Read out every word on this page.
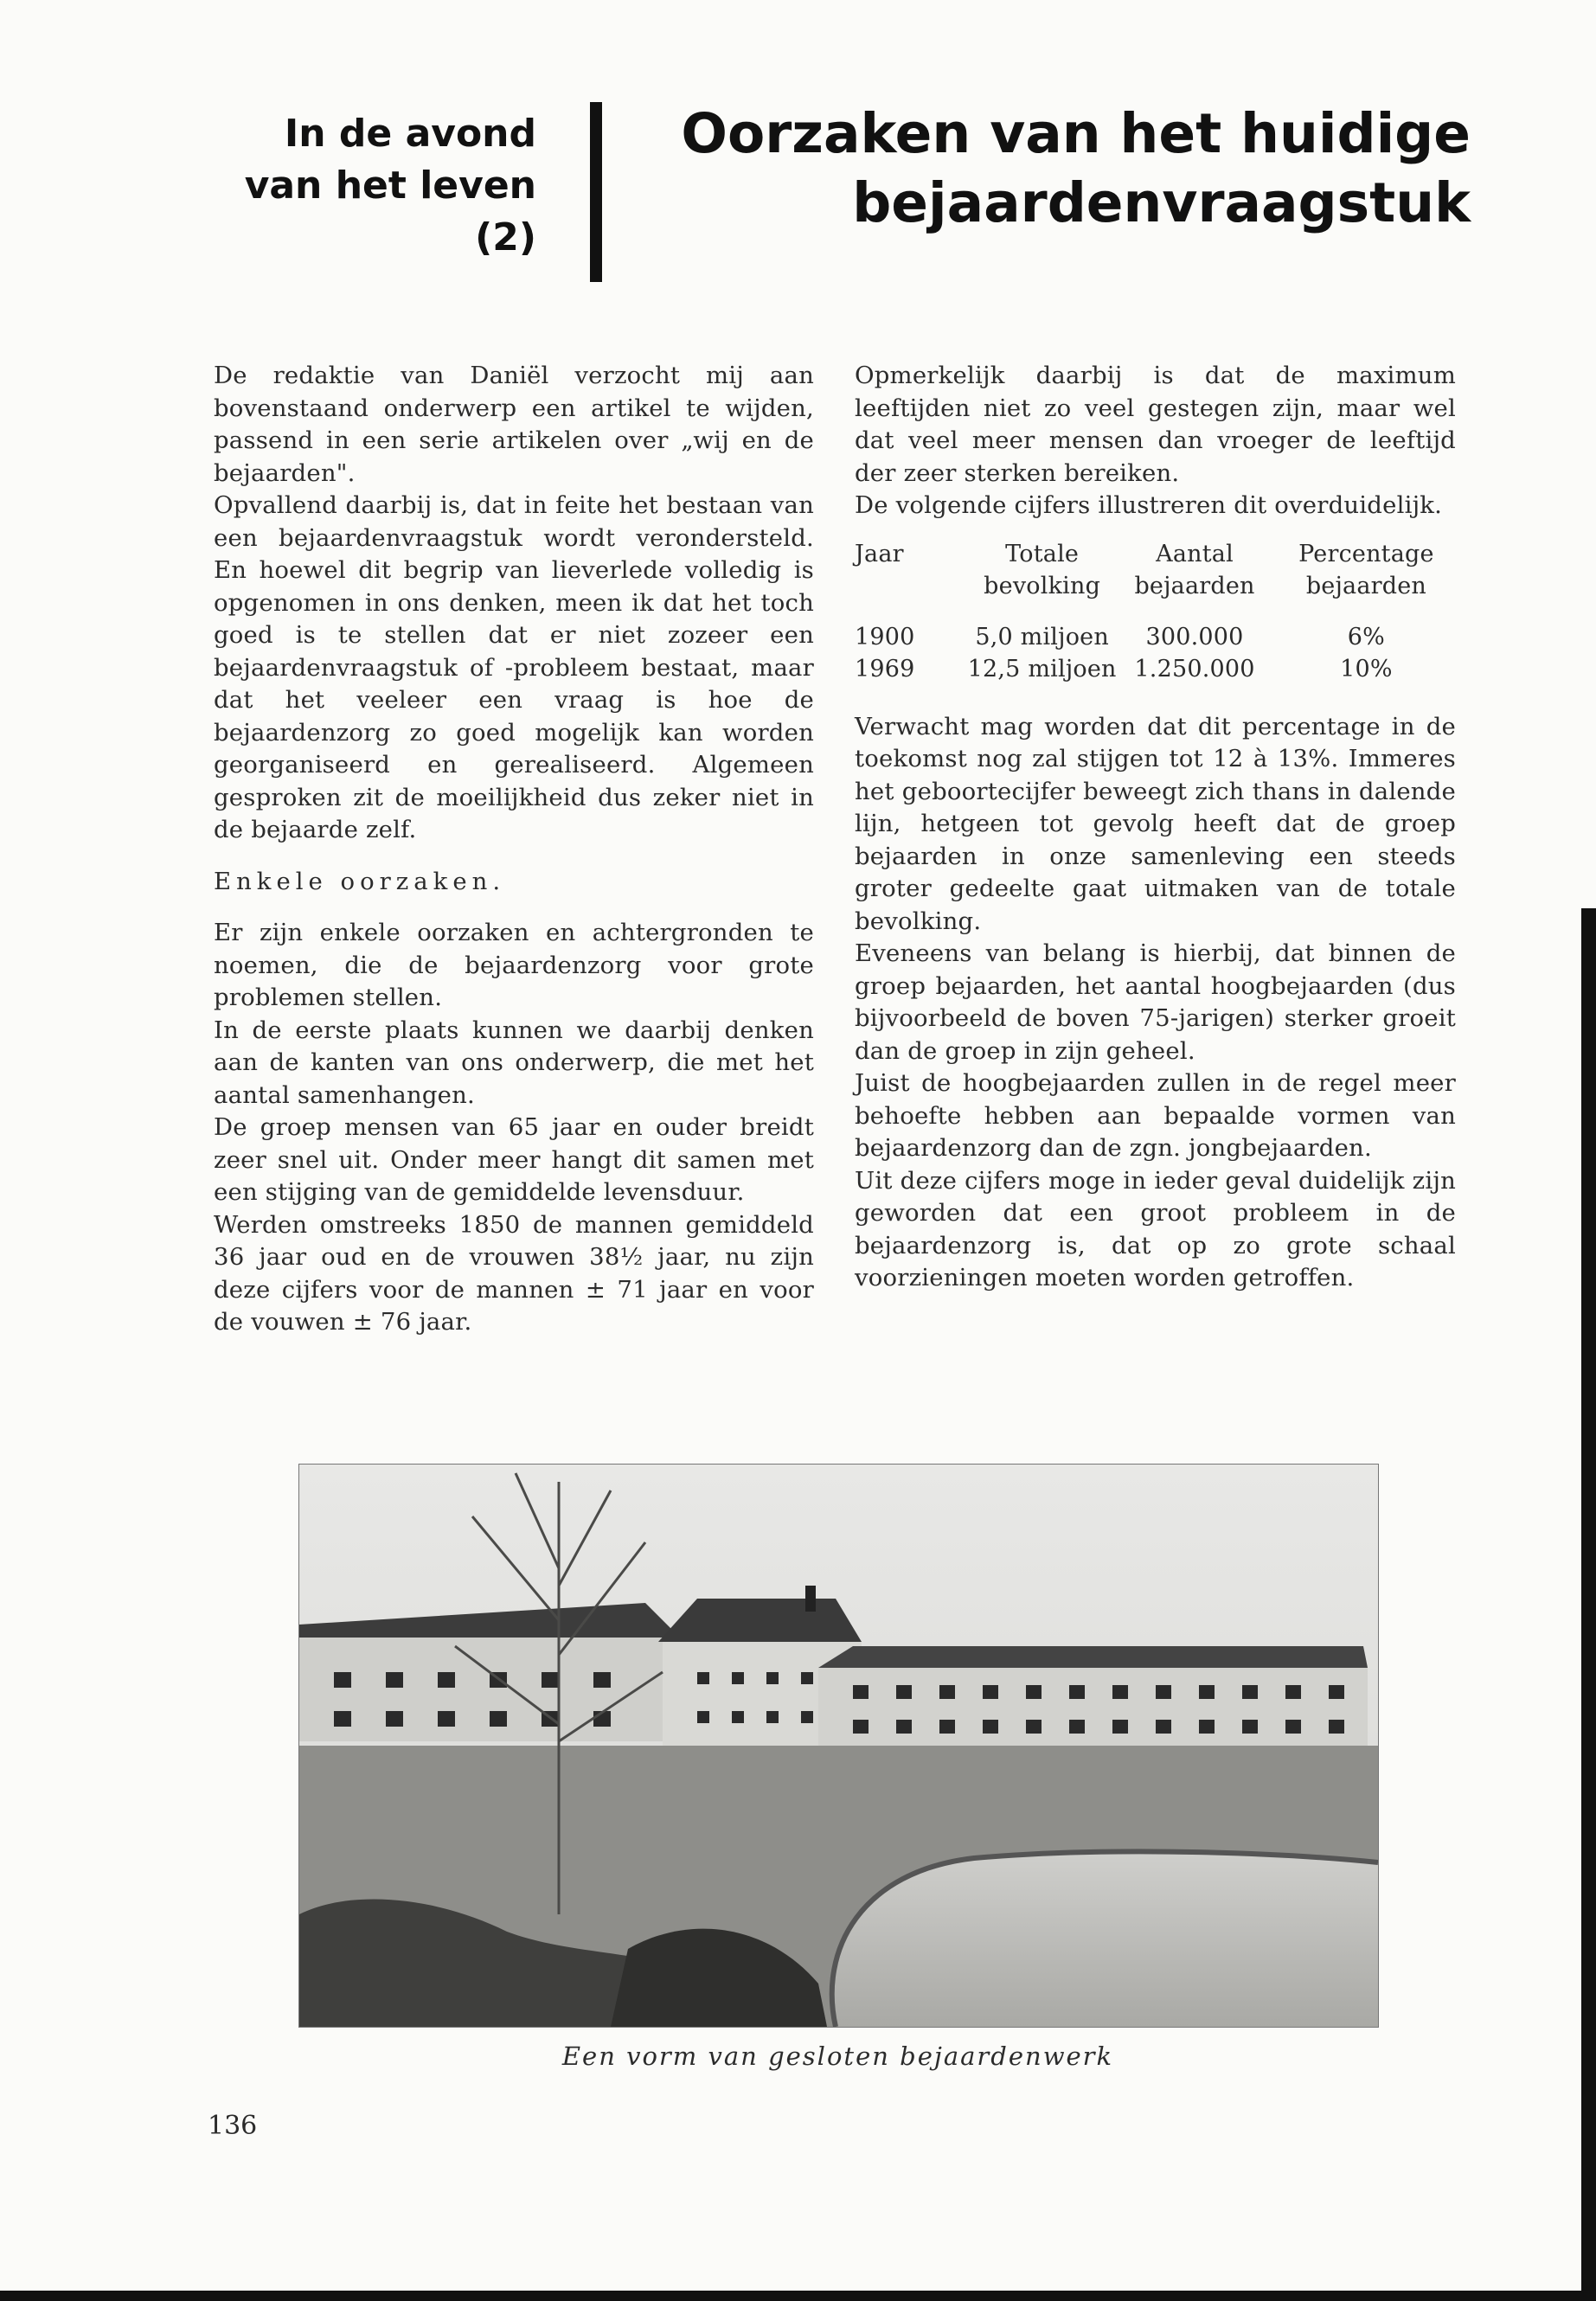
In de avond
van het leven
(2)
Oorzaken van het huidige
bejaardenvraagstuk

De redaktie van Daniël verzocht mij aan bovenstaand onderwerp een artikel te wijden, passend in een serie artikelen over „wij en de bejaarden".

Opvallend daarbij is, dat in feite het bestaan van een bejaardenvraagstuk wordt verondersteld. En hoewel dit begrip van lieverlede volledig is opgenomen in ons denken, meen ik dat het toch goed is te stellen dat er niet zozeer een bejaardenvraagstuk of -probleem bestaat, maar dat het veeleer een vraag is hoe de bejaardenzorg zo goed mogelijk kan worden georganiseerd en gerealiseerd. Algemeen gesproken zit de moeilijkheid dus zeker niet in de bejaarde zelf.

Enkele oorzaken.

Er zijn enkele oorzaken en achtergronden te noemen, die de bejaardenzorg voor grote problemen stellen.

In de eerste plaats kunnen we daarbij denken aan de kanten van ons onderwerp, die met het aantal samenhangen.

De groep mensen van 65 jaar en ouder breidt zeer snel uit. Onder meer hangt dit samen met een stijging van de gemiddelde levensduur.

Werden omstreeks 1850 de mannen gemiddeld 36 jaar oud en de vrouwen 38½ jaar, nu zijn deze cijfers voor de mannen ± 71 jaar en voor de vouwen ± 76 jaar.

Opmerkelijk daarbij is dat de maximum leeftijden niet zo veel gestegen zijn, maar wel dat veel meer mensen dan vroeger de leeftijd der zeer sterken bereiken.

De volgende cijfers illustreren dit overduidelijk.

Jaar	Totale bevolking	Aantal bejaarden	Percentage bejaarden
1900	5,0 miljoen	300.000	6%
1969	12,5 miljoen	1.250.000	10%

Verwacht mag worden dat dit percentage in de toekomst nog zal stijgen tot 12 à 13%. Immeres het geboortecijfer beweegt zich thans in dalende lijn, hetgeen tot gevolg heeft dat de groep bejaarden in onze samenleving een steeds groter gedeelte gaat uitmaken van de totale bevolking.

Eveneens van belang is hierbij, dat binnen de groep bejaarden, het aantal hoogbejaarden (dus bijvoorbeeld de boven 75-jarigen) sterker groeit dan de groep in zijn geheel.

Juist de hoogbejaarden zullen in de regel meer behoefte hebben aan bepaalde vormen van bejaardenzorg dan de zgn. jongbejaarden.

Uit deze cijfers moge in ieder geval duidelijk zijn geworden dat een groot probleem in de bejaardenzorg is, dat op zo grote schaal voorzieningen moeten worden getroffen.

Een vorm van gesloten bejaardenwerk
136
